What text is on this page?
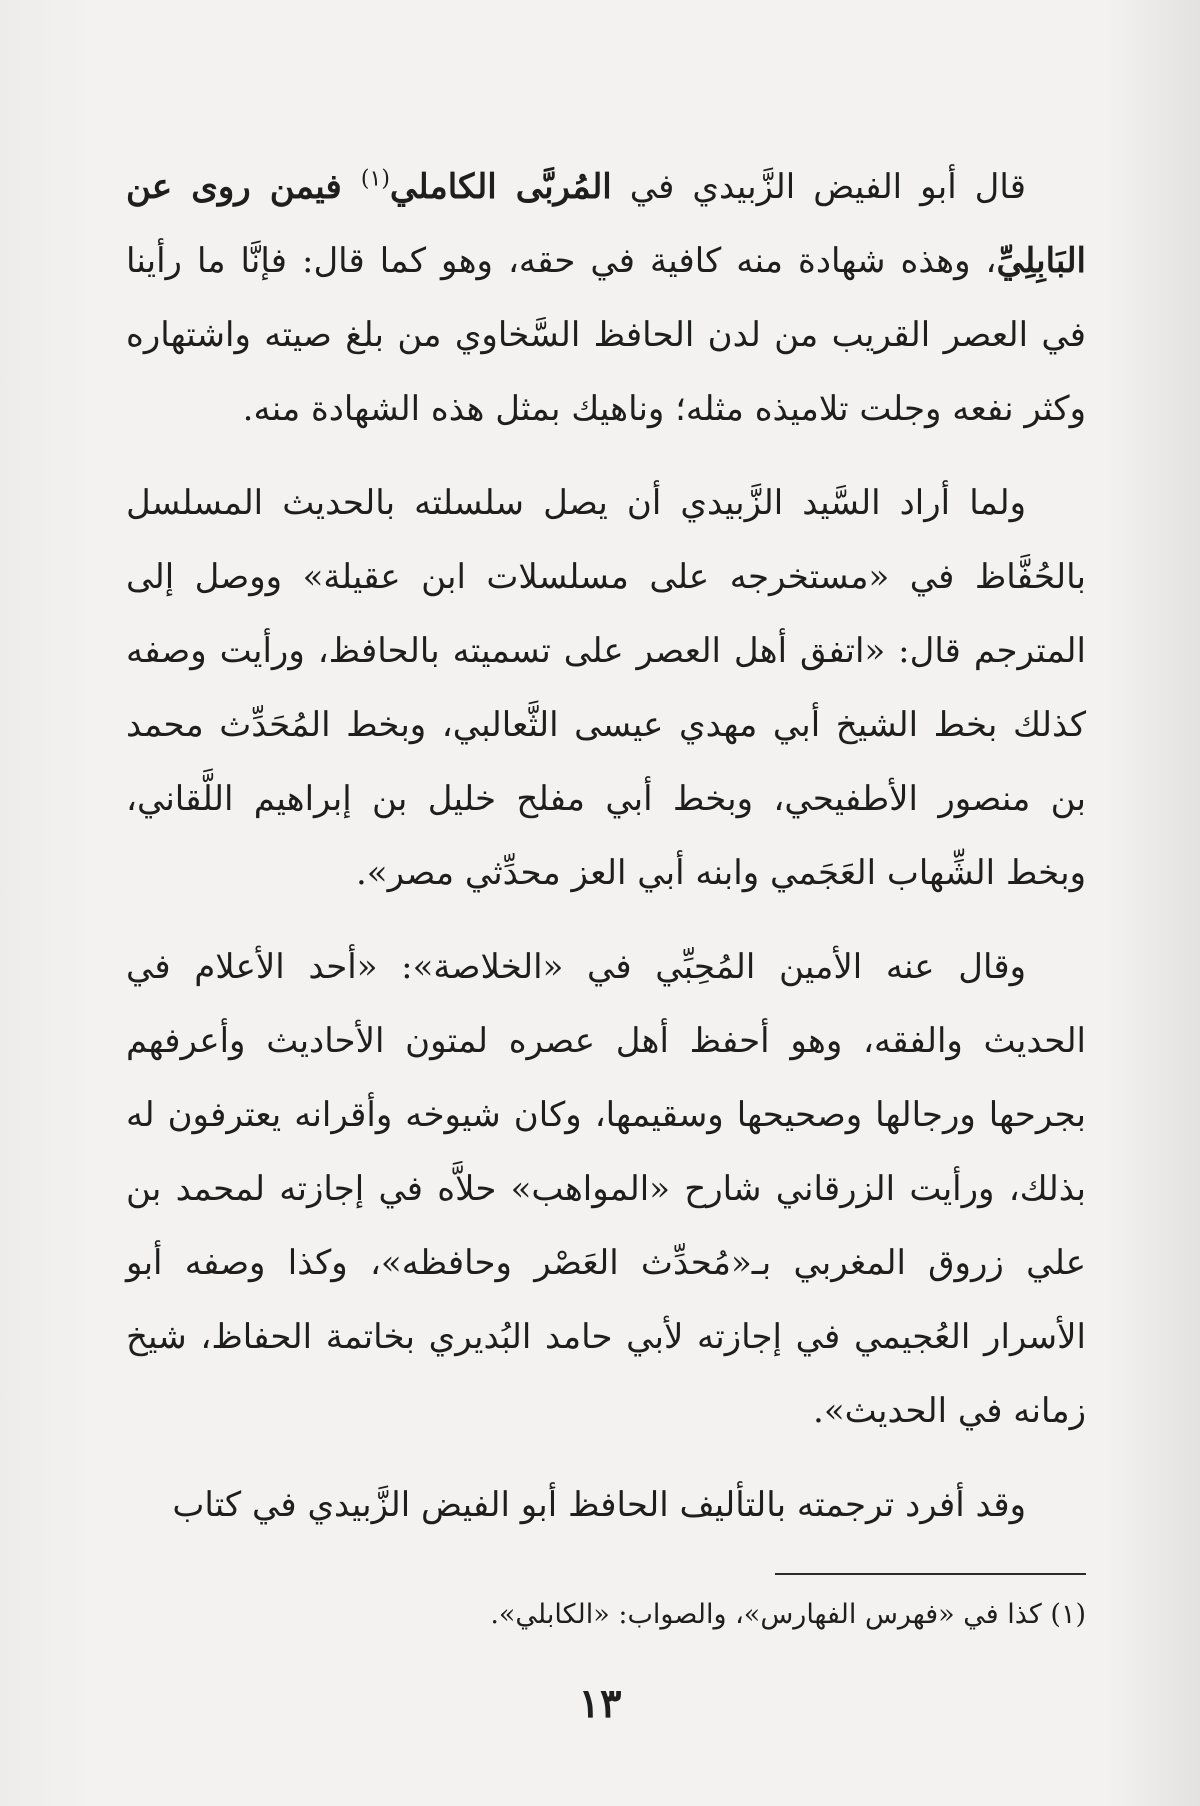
قال أبو الفيض الزَّبيدي في المُربَّى الكاملي$^{(١)}$ فيمن روى عن البَابِلِيِّ، وهذه شهادة منه كافية في حقه، وهو كما قال: فإنَّا ما رأينا في العصر القريب من لدن الحافظ السَّخاوي من بلغ صيته واشتهاره وكثر نفعه وجلت تلاميذه مثله؛ وناهيك بمثل هذه الشهادة منه.

ولما أراد السَّيد الزَّبيدي أن يصل سلسلته بالحديث المسلسل بالحُفَّاظ في «مستخرجه على مسلسلات ابن عقيلة» ووصل إلى المترجم قال: «اتفق أهل العصر على تسميته بالحافظ، ورأيت وصفه كذلك بخط الشيخ أبي مهدي عيسى الثَّعالبي، وبخط المُحَدِّث محمد بن منصور الأطفيحي، وبخط أبي مفلح خليل بن إبراهيم اللَّقاني، وبخط الشِّهاب العَجَمي وابنه أبي العز محدِّثي مصر».

وقال عنه الأمين المُحِبِّي في «الخلاصة»: «أحد الأعلام في الحديث والفقه، وهو أحفظ أهل عصره لمتون الأحاديث وأعرفهم بجرحها ورجالها وصحيحها وسقيمها، وكان شيوخه وأقرانه يعترفون له بذلك، ورأيت الزرقاني شارح «المواهب» حلاَّه في إجازته لمحمد بن علي زروق المغربي بـ«مُحدِّث العَصْر وحافظه»، وكذا وصفه أبو الأسرار العُجيمي في إجازته لأبي حامد البُديري بخاتمة الحفاظ، شيخ زمانه في الحديث».

وقد أفرد ترجمته بالتأليف الحافظ أبو الفيض الزَّبيدي في كتاب

(١) كذا في «فهرس الفهارس»، والصواب: «الكابلي».
١٣
